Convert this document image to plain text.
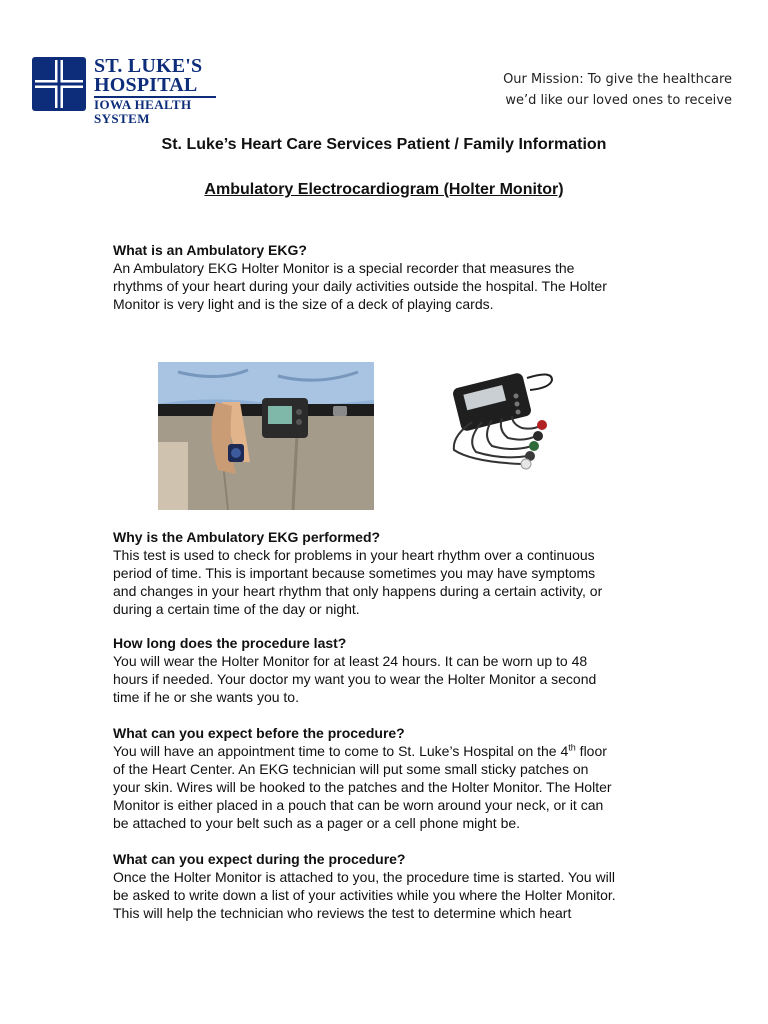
ST. LUKE'S
HOSPITAL
IOWA HEALTH SYSTEM
Our Mission: To give the healthcare
we’d like our loved ones to receive
St. Luke’s Heart Care Services Patient / Family Information
Ambulatory Electrocardiogram (Holter Monitor)
What is an Ambulatory EKG?

An Ambulatory EKG Holter Monitor is a special recorder that measures the
rhythms of your heart during your daily activities outside the hospital. The Holter
Monitor is very light and is the size of a deck of playing cards.

Why is the Ambulatory EKG performed?

This test is used to check for problems in your heart rhythm over a continuous
period of time. This is important because sometimes you may have symptoms
and changes in your heart rhythm that only happens during a certain activity, or
during a certain time of the day or night.

How long does the procedure last?

You will wear the Holter Monitor for at least 24 hours. It can be worn up to 48
hours if needed. Your doctor my want you to wear the Holter Monitor a second
time if he or she wants you to.

What can you expect before the procedure?

You will have an appointment time to come to St. Luke’s Hospital on the 4th floor
of the Heart Center. An EKG technician will put some small sticky patches on
your skin. Wires will be hooked to the patches and the Holter Monitor. The Holter
Monitor is either placed in a pouch that can be worn around your neck, or it can
be attached to your belt such as a pager or a cell phone might be.

What can you expect during the procedure?

Once the Holter Monitor is attached to you, the procedure time is started. You will
be asked to write down a list of your activities while you where the Holter Monitor.
This will help the technician who reviews the test to determine which heart
